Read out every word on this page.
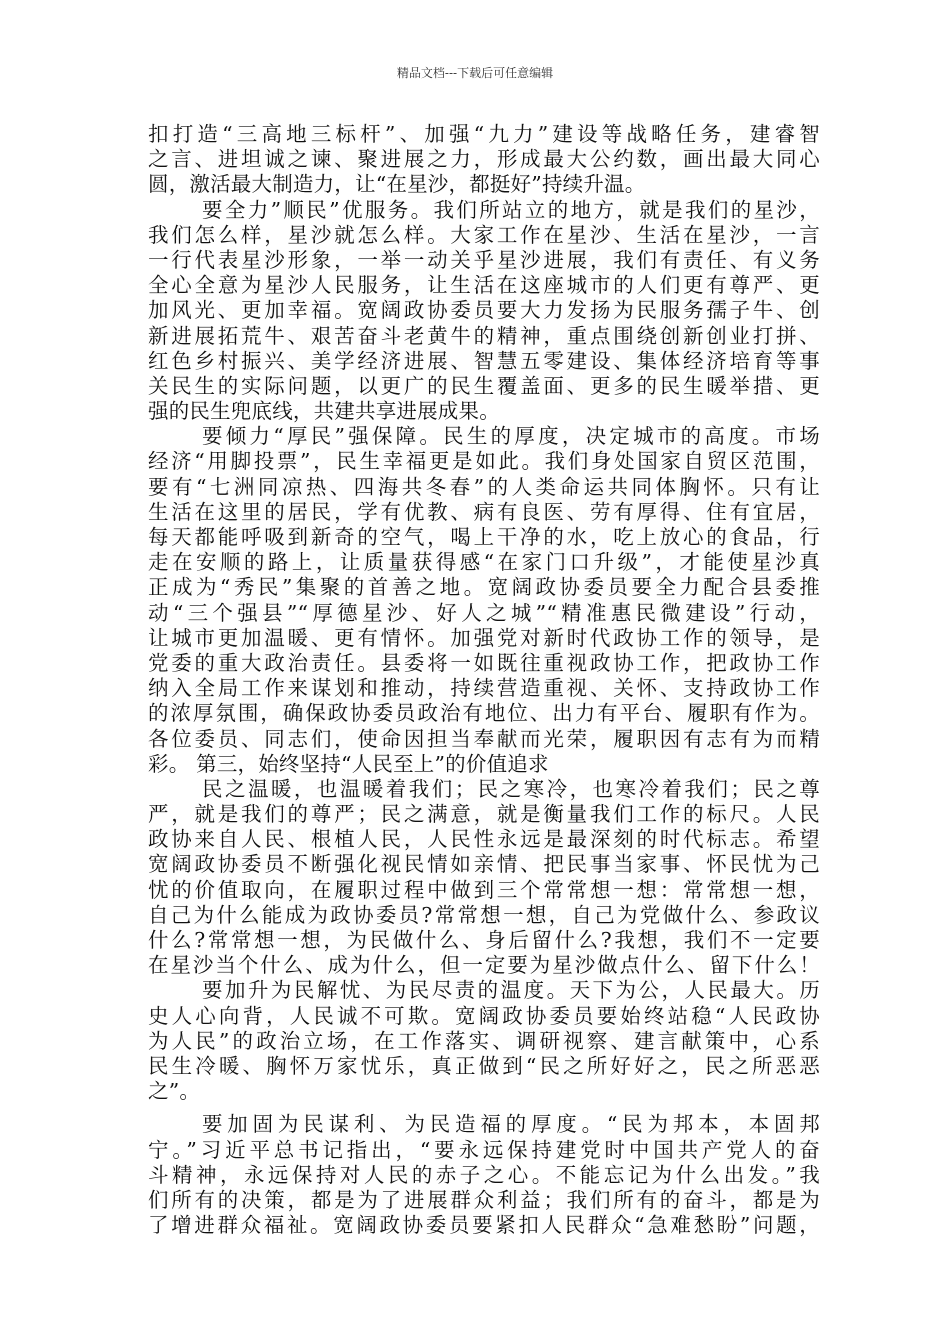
精品文档---下载后可任意编辑
扣打造“三高地三标杆”、加强“九力”建设等战略任务，建睿智
之言、进坦诚之谏、聚进展之力，形成最大公约数，画出最大同心
圆，激活最大制造力，让“在星沙，都挺好”持续升温。
要全力”顺民”优服务。我们所站立的地方，就是我们的星沙，
我们怎么样，星沙就怎么样。大家工作在星沙、生活在星沙，一言
一行代表星沙形象，一举一动关乎星沙进展，我们有责任、有义务
全心全意为星沙人民服务，让生活在这座城市的人们更有尊严、更
加风光、更加幸福。宽阔政协委员要大力发扬为民服务孺子牛、创
新进展拓荒牛、艰苦奋斗老黄牛的精神，重点围绕创新创业打拼、
红色乡村振兴、美学经济进展、智慧五零建设、集体经济培育等事
关民生的实际问题，以更广的民生覆盖面、更多的民生暖举措、更
强的民生兜底线，共建共享进展成果。
要倾力“厚民”强保障。民生的厚度，决定城市的高度。市场
经济“用脚投票”，民生幸福更是如此。我们身处国家自贸区范围，
要有“七洲同凉热、四海共冬春”的人类命运共同体胸怀。只有让
生活在这里的居民，学有优教、病有良医、劳有厚得、住有宜居，
每天都能呼吸到新奇的空气，喝上干净的水，吃上放心的食品，行
走在安顺的路上，让质量获得感“在家门口升级”，才能使星沙真
正成为“秀民”集聚的首善之地。宽阔政协委员要全力配合县委推
动“三个强县”“厚德星沙、好人之城”“精准惠民微建设”行动，
让城市更加温暖、更有情怀。加强党对新时代政协工作的领导，是
党委的重大政治责任。县委将一如既往重视政协工作，把政协工作
纳入全局工作来谋划和推动，持续营造重视、关怀、支持政协工作
的浓厚氛围，确保政协委员政治有地位、出力有平台、履职有作为。
各位委员、同志们，使命因担当奉献而光荣，履职因有志有为而精
彩。 第三，始终坚持“人民至上”的价值追求
民之温暖，也温暖着我们；民之寒冷，也寒冷着我们；民之尊
严，就是我们的尊严；民之满意，就是衡量我们工作的标尺。人民
政协来自人民、根植人民，人民性永远是最深刻的时代标志。希望
宽阔政协委员不断强化视民情如亲情、把民事当家事、怀民忧为己
忧的价值取向，在履职过程中做到三个常常想一想：常常想一想，
自己为什么能成为政协委员?常常想一想，自己为党做什么、参政议
什么?常常想一想，为民做什么、身后留什么?我想，我们不一定要
在星沙当个什么、成为什么，但一定要为星沙做点什么、留下什么！
要加升为民解忧、为民尽责的温度。天下为公，人民最大。历
史人心向背，人民诚不可欺。宽阔政协委员要始终站稳“人民政协
为人民”的政治立场，在工作落实、调研视察、建言献策中，心系
民生冷暖、胸怀万家忧乐，真正做到“民之所好好之，民之所恶恶
之”。
要加固为民谋利、为民造福的厚度。“民为邦本，本固邦
宁。”习近平总书记指出，“要永远保持建党时中国共产党人的奋
斗精神，永远保持对人民的赤子之心。不能忘记为什么出发。”我
们所有的决策，都是为了进展群众利益；我们所有的奋斗，都是为
了增进群众福祉。宽阔政协委员要紧扣人民群众“急难愁盼”问题，
